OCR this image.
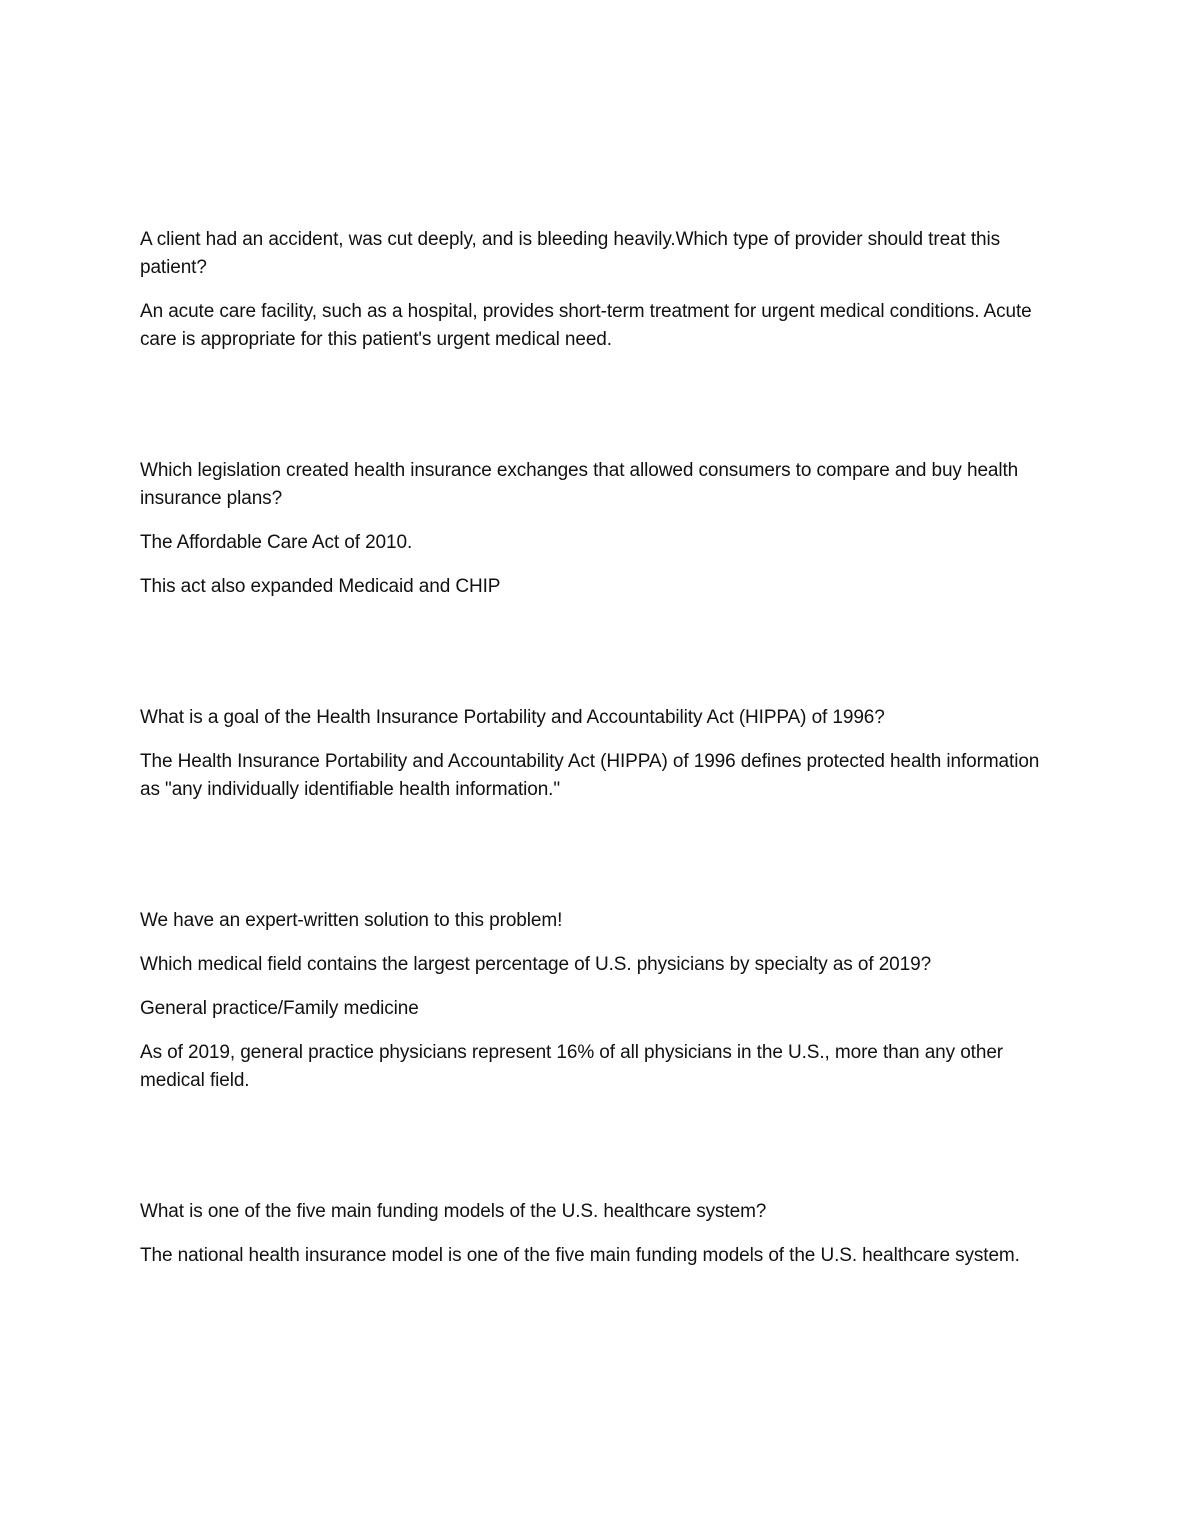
A client had an accident, was cut deeply, and is bleeding heavily.Which type of provider should treat this patient?

An acute care facility, such as a hospital, provides short-term treatment for urgent medical conditions. Acute care is appropriate for this patient's urgent medical need.

Which legislation created health insurance exchanges that allowed consumers to compare and buy health insurance plans?

The Affordable Care Act of 2010.

This act also expanded Medicaid and CHIP

What is a goal of the Health Insurance Portability and Accountability Act (HIPPA) of 1996?

The Health Insurance Portability and Accountability Act (HIPPA) of 1996 defines protected health information as "any individually identifiable health information."

We have an expert-written solution to this problem!

Which medical field contains the largest percentage of U.S. physicians by specialty as of 2019?

General practice/Family medicine

As of 2019, general practice physicians represent 16% of all physicians in the U.S., more than any other medical field.

What is one of the five main funding models of the U.S. healthcare system?

The national health insurance model is one of the five main funding models of the U.S. healthcare system.
